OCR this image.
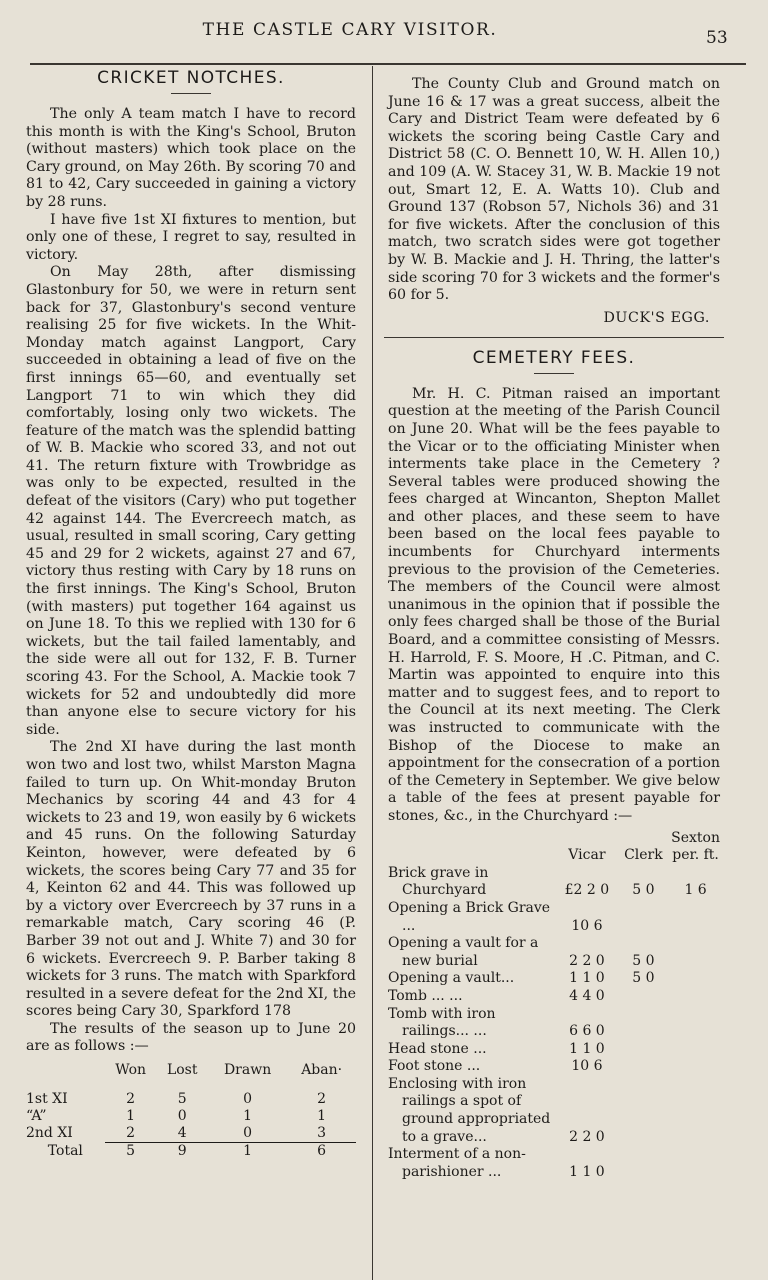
THE CASTLE CARY VISITOR.	53
CRICKET NOTCHES.

The only A team match I have to record this month is with the King's School, Bruton (without masters) which took place on the Cary ground, on May 26th. By scoring 70 and 81 to 42, Cary succeeded in gaining a victory by 28 runs.

I have five 1st XI fixtures to mention, but only one of these, I regret to say, resulted in victory.

On May 28th, after dismissing Glastonbury for 50, we were in return sent back for 37, Glastonbury's second venture realising 25 for five wickets. In the Whit-Monday match against Langport, Cary succeeded in obtaining a lead of five on the first innings 65—60, and eventually set Langport 71 to win which they did comfortably, losing only two wickets. The feature of the match was the splendid batting of W. B. Mackie who scored 33, and not out 41. The return fixture with Trowbridge as was only to be expected, resulted in the defeat of the visitors (Cary) who put together 42 against 144. The Evercreech match, as usual, resulted in small scoring, Cary getting 45 and 29 for 2 wickets, against 27 and 67, victory thus resting with Cary by 18 runs on the first innings. The King's School, Bruton (with masters) put together 164 against us on June 18. To this we replied with 130 for 6 wickets, but the tail failed lamentably, and the side were all out for 132, F. B. Turner scoring 43. For the School, A. Mackie took 7 wickets for 52 and undoubtedly did more than anyone else to secure victory for his side.

The 2nd XI have during the last month won two and lost two, whilst Marston Magna failed to turn up. On Whit-monday Bruton Mechanics by scoring 44 and 43 for 4 wickets to 23 and 19, won easily by 6 wickets and 45 runs. On the following Saturday Keinton, however, were defeated by 6 wickets, the scores being Cary 77 and 35 for 4, Keinton 62 and 44. This was followed up by a victory over Evercreech by 37 runs in a remarkable match, Cary scoring 46 (P. Barber 39 not out and J. White 7) and 30 for 6 wickets. Evercreech 9. P. Barber taking 8 wickets for 3 runs. The match with Sparkford resulted in a severe defeat for the 2nd XI, the scores being Cary 30, Sparkford 178

The results of the season up to June 20 are as follows :—

	Won	Lost	Drawn	Aban·
1st XI	2	5	0	2
“A”	1	0	1	1
2nd XI	2	4	0	3
Total	5	9	1	6

The County Club and Ground match on June 16 & 17 was a great success, albeit the Cary and District Team were defeated by 6 wickets the scoring being Castle Cary and District 58 (C. O. Bennett 10, W. H. Allen 10,) and 109 (A. W. Stacey 31, W. B. Mackie 19 not out, Smart 12, E. A. Watts 10). Club and Ground 137 (Robson 57, Nichols 36) and 31 for five wickets. After the conclusion of this match, two scratch sides were got together by W. B. Mackie and J. H. Thring, the latter's side scoring 70 for 3 wickets and the former's 60 for 5.

DUCK'S EGG.
CEMETERY FEES.

Mr. H. C. Pitman raised an important question at the meeting of the Parish Council on June 20. What will be the fees payable to the Vicar or to the officiating Minister when interments take place in the Cemetery ? Several tables were produced showing the fees charged at Wincanton, Shepton Mallet and other places, and these seem to have been based on the local fees payable to incumbents for Churchyard interments previous to the provision of the Cemeteries. The members of the Council were almost unanimous in the opinion that if possible the only fees charged shall be those of the Burial Board, and a committee consisting of Messrs. H. Harrold, F. S. Moore, H .C. Pitman, and C. Martin was appointed to enquire into this matter and to suggest fees, and to report to the Council at its next meeting. The Clerk was instructed to communicate with the Bishop of the Diocese to make an appointment for the consecration of a portion of the Cemetery in September. We give below a table of the fees at present payable for stones, &c., in the Churchyard :—

	Vicar	Clerk	Sexton per. ft.
Brick grave in Churchyard	£2 2 0	5 0	1 6
Opening a Brick Grave ...	10 6		
Opening a vault for a new burial	2 2 0	5 0	
Opening a vault...	1 1 0	5 0	
Tomb ... ...	4 4 0		
Tomb with iron railings... ...	6 6 0		
Head stone ...	1 1 0		
Foot stone ...	10 6		
Enclosing with iron railings a spot of ground appropriated to a grave...	2 2 0		
Interment of a non-parishioner ...	1 1 0		
